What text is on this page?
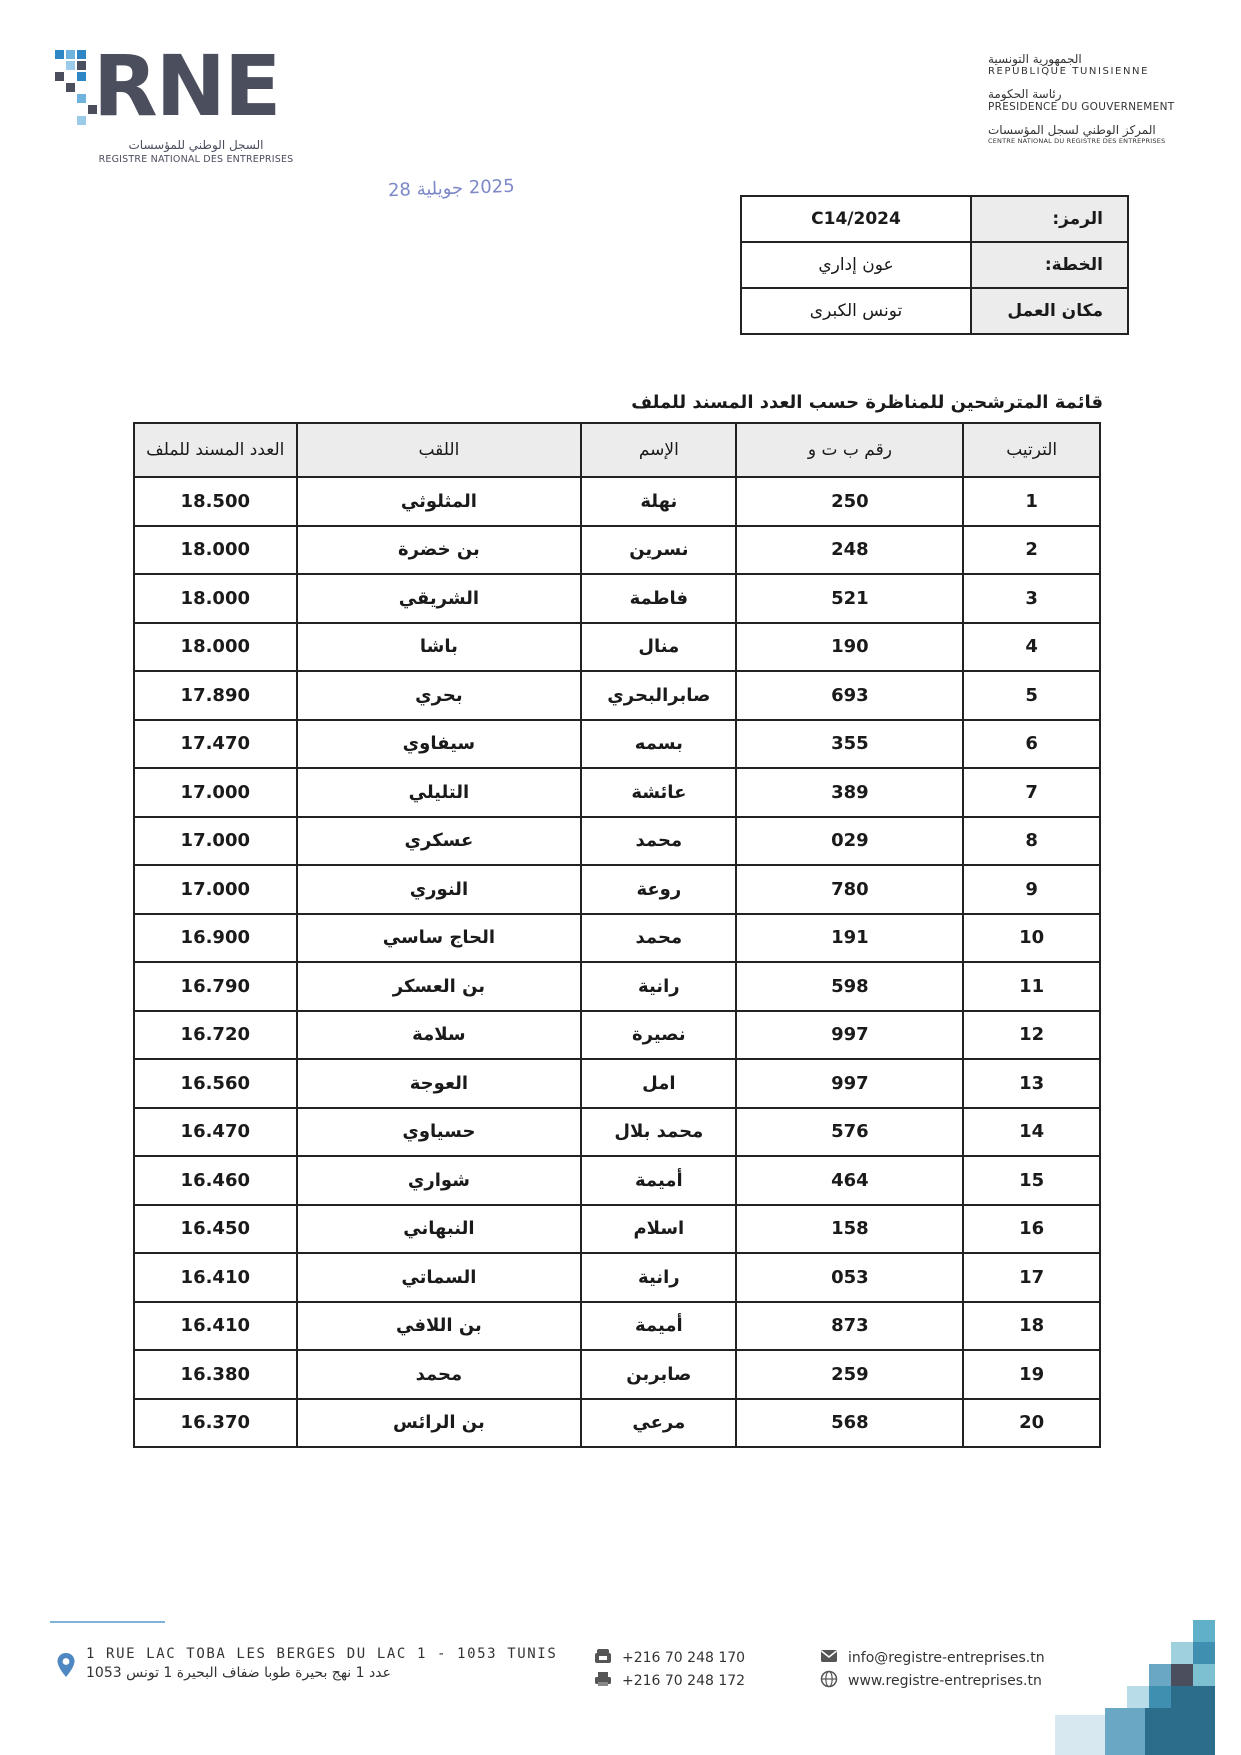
RNE
السجل الوطني للمؤسسات
REGISTRE NATIONAL DES ENTREPRISES
الجمهورية التونسية
REPUBLIQUE TUNISIENNE
رئاسة الحكومة
PRESIDENCE DU GOUVERNEMENT
المركز الوطني لسجل المؤسسات
CENTRE NATIONAL DU REGISTRE DES ENTREPRISES
2025 جويلية 28
الرمز:	C14/2024
الخطة:	عون إداري
مكان العمل	تونس الكبرى
قائمة المترشحين للمناظرة حسب العدد المسند للملف
الترتيب	رقم ب ت و	الإسم	اللقب	العدد المسند للملف
1	250	نهلة	المثلوثي	18.500
2	248	نسرين	بن خضرة	18.000
3	521	فاطمة	الشريقي	18.000
4	190	منال	باشا	18.000
5	693	صابرالبحري	بحري	17.890
6	355	بسمه	سيفاوي	17.470
7	389	عائشة	التليلي	17.000
8	029	محمد	عسكري	17.000
9	780	روعة	النوري	17.000
10	191	محمد	الحاج ساسي	16.900
11	598	رانية	بن العسكر	16.790
12	997	نصيرة	سلامة	16.720
13	997	امل	العوجة	16.560
14	576	محمد بلال	حسياوي	16.470
15	464	أميمة	شواري	16.460
16	158	اسلام	النبهاني	16.450
17	053	رانية	السماتي	16.410
18	873	أميمة	بن اللافي	16.410
19	259	صابربن	محمد	16.380
20	568	مرعي	بن الرائس	16.370
1 RUE LAC TOBA LES BERGES DU LAC 1 - 1053 TUNIS
عدد 1 نهج بحيرة طوبا ضفاف البحيرة 1 تونس 1053
+216 70 248 170
+216 70 248 172
info@registre-entreprises.tn
www.registre-entreprises.tn
